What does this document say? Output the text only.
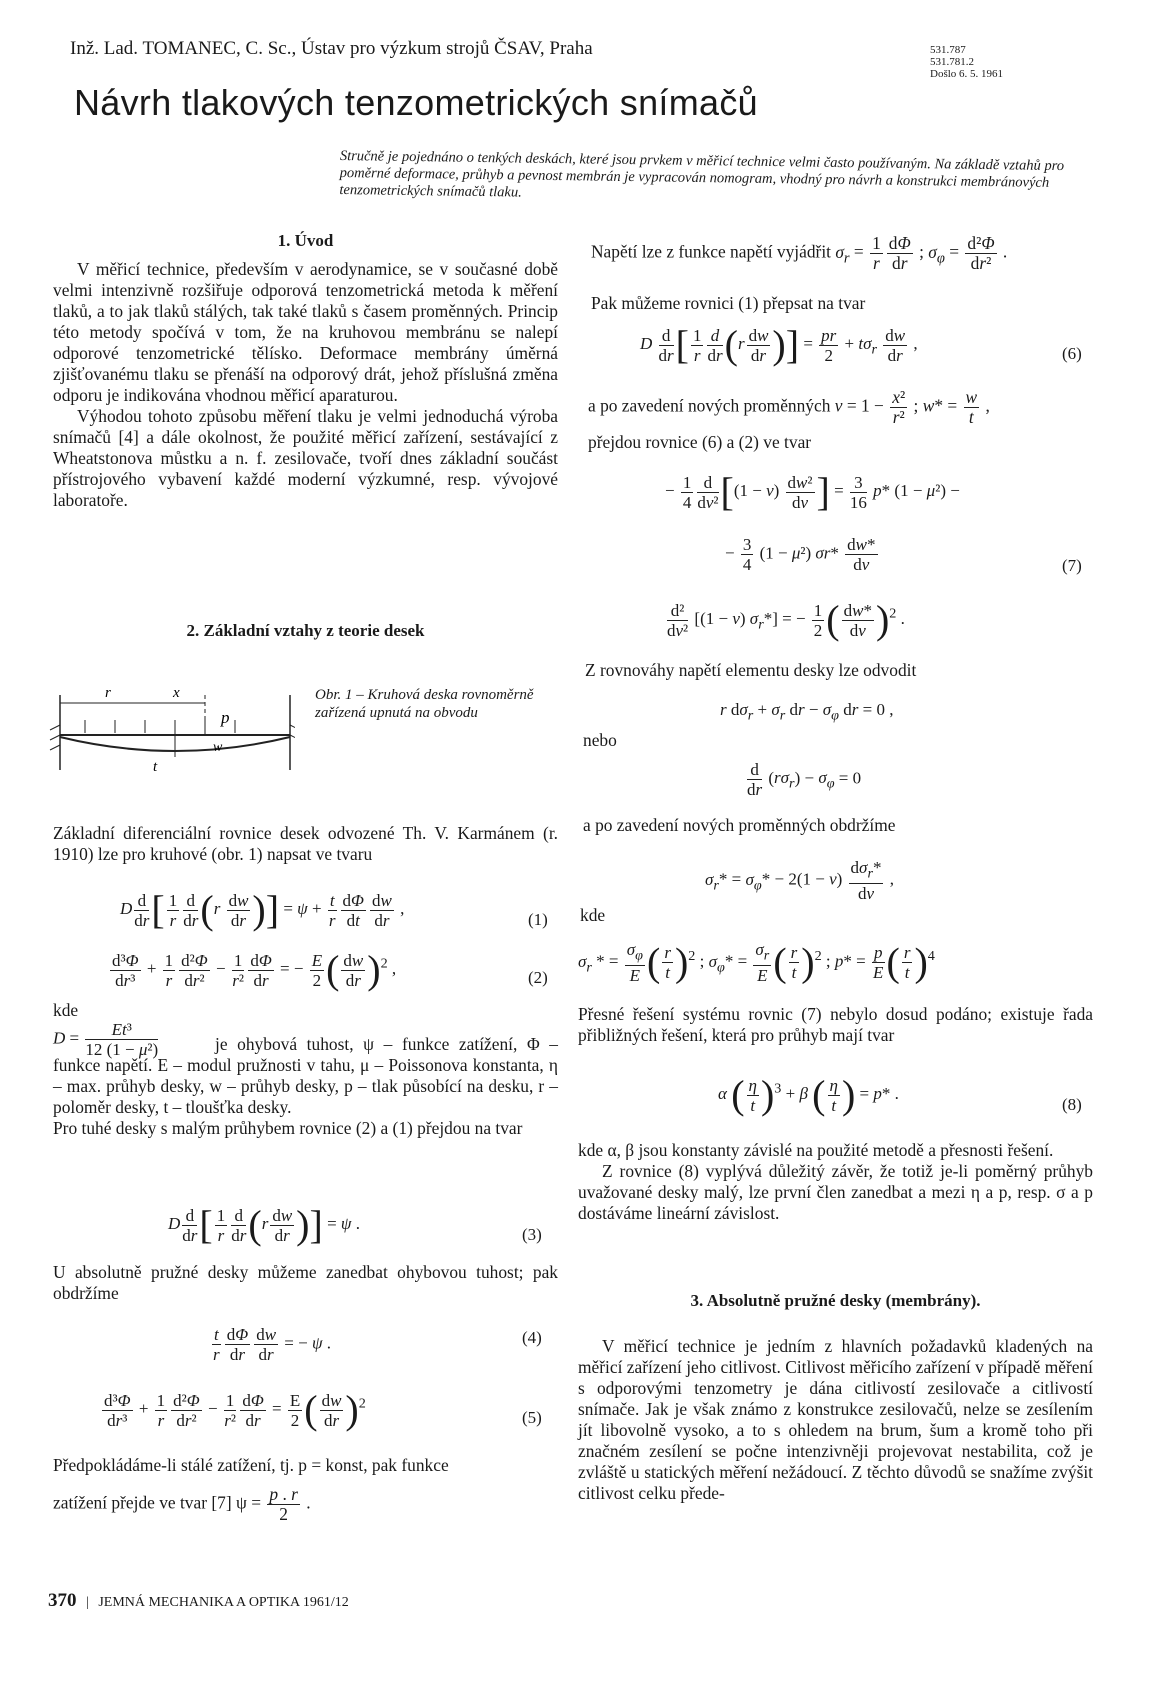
Inž. Lad. TOMANEC, C. Sc., Ústav pro výzkum strojů ČSAV, Praha	531.787
531.781.2
Došlo 6. 5. 1961
Návrh tlakových tenzometrických snímačů
Stručně je pojednáno o tenkých deskách, které jsou prvkem v měřicí technice velmi často používaným. Na základě vztahů pro poměrné deformace, průhyb a pevnost membrán je vypracován nomogram, vhodný pro návrh a konstrukci membránových tenzometrických snímačů tlaku.
1. Úvod

V měřicí technice, především v aerodynamice, se v současné době velmi intenzivně rozšiřuje odporová tenzometrická metoda k měření tlaků, a to jak tlaků stálých, tak také tlaků s časem proměnných. Princip této metody spočívá v tom, že na kruhovou membránu se nalepí odporové tenzometrické tělísko. Deformace membrány úměrná zjišťovanému tlaku se přenáší na odporový drát, jehož příslušná změna odporu je indikována vhodnou měřicí aparaturou.

Výhodou tohoto způsobu měření tlaku je velmi jednoduchá výroba snímačů [4] a dále okolnost, že použité měřicí zařízení, sestávající z Wheatstonova můstku a n. f. zesilovače, tvoří dnes základní součást přístrojového vybavení každé moderní výzkumné, resp. vývojové laboratoře.

2. Základní vztahy z teorie desek
r	x
p
w
t
Obr. 1 – Kruhová deska rovnoměrně zařízená upnutá na obvodu

Základní diferenciální rovnice desek odvozené Th. V. Karmánem (r. 1910) lze pro kruhové (obr. 1) napsat ve tvaru

D $\frac{d}{dr}$ [ $\frac{1}{r} \frac{d}{dr} (r \frac{dw}{dr}$ )] = $\psi + \frac{t}{r} \frac{d\Phi}{dt} \frac{dw}{dr}$ ,
(1)
$\frac{\text{d³Φ}}{\text{dr³}} + \frac{1}{r} \frac{\text{d²Φ}}{\text{dr²}} - \frac{1}{\text{r²}} \frac{d\Phi}{dr}$ = − $\frac{E}{2}$ ( $\frac{dw}{dr} )^2$ ,	(2)
kde
$D = \frac{\text{Et³}}{\text{12 (1 − μ²)}}$	je ohybová tuhost, ψ – funkce zatížení, Φ – funkce napětí. E – modul pružnosti v tahu, μ – Poissonova konstanta, η – max. průhyb desky, w – průhyb desky, p – tlak působící na desku, r – poloměr desky, t – tloušťka desky.

Pro tuhé desky s malým průhybem rovnice (2) a (1) přejdou na tvar

D $\frac{d}{dr}$ [ $\frac{1}{r} \frac{d}{dr} (r \frac{dw}{dr}$ )] = ψ .
(3)

U absolutně pružné desky můžeme zanedbat ohybovou tuhost; pak obdržíme

$\frac{t}{r} \frac{d\Phi}{dr} \frac{dw}{dr}$ = − ψ .	(4)
$\frac{\text{d³Φ}}{\text{dr³}} + \frac{1}{r} \frac{\text{d²Φ}}{\text{dr²}} - \frac{1}{\text{r²}} \frac{d\Phi}{dr} = \frac{E}{2}$ ( $\frac{dw}{dr} )^2$
(5)

Předpokládáme-li stálé zatížení, tj. p = konst, pak funkce

zatížení přejde ve tvar [7] $\psi = \frac{p . r}{2}$ .
Napětí lze z funkce napětí vyjádřit $\sigma_r = \frac{1}{r} \frac{d\Phi}{dr}$ ; $\sigma_\varphi = \frac{\text{d²Φ}}{\text{dr²}}$ .
Pak můžeme rovnici (1) přepsat na tvar
D $\frac{d}{dr}$ [ $\frac{1}{r} \frac{d}{dr} (r \frac{dw}{dr}$ )] = $\frac{pr}{2} + t\sigma_r \frac{dw}{dr}$ ,
(6)
a po zavedení nových proměnných $v = 1 - \frac{\text{x²}}{\text{r²}}$ ; $w* = \frac{w}{t}$ ,
přejdou rovnice (6) a (2) ve tvar
− $\frac{1}{4} \frac{d}{\text{dv²}} [(1 - v) \frac{\text{dw²}}{dv}$ ] = $\frac{3}{16} p*$ (1 − μ²) −
− $\frac{3}{4} (1 - \mu^2)$ $\sigma r* \frac{dw*}{dv}$	(7)
$\frac{\text{d²}}{\text{dv²}} [(1 - v) \sigma_r*]$ = − $\frac{1}{2}$ ( $\frac{dw*}{dv} )^2$ .
Z rovnováhy napětí elementu desky lze odvodit
r $d\sigma_r + \sigma_r$ dr − $\sigma_\varphi$ dr = 0 ,
nebo
$\frac{d}{dr} (r\sigma_r) - \sigma_\varphi = 0$
a po zavedení nových proměnných obdržíme
$\sigma_r* = \sigma_\varphi* - 2(1 - v) \frac{d\sigma_r*}{dv}$ ,
kde
$\sigma_r$ * = $\frac{\sigma_\varphi}{E}$ ( $\frac{r}{t} )^2$ ; $\sigma_\varphi* = \frac{\sigma_r}{E}$ ( $\frac{r}{t} )^2$ ; $p* = \frac{p}{E}$ ( $\frac{r}{t} )^4$

Přesné řešení systému rovnic (7) nebylo dosud podáno; existuje řada přibližných řešení, která pro průhyb mají tvar

α ( $\frac{\eta}{t} )^3 + \beta$ ( $\frac{\eta}{t}$ ) = p* .
(8)

kde α, β jsou konstanty závislé na použité metodě a přesnosti řešení.

Z rovnice (8) vyplývá důležitý závěr, že totiž je-li poměrný průhyb uvažované desky malý, lze první člen zanedbat a mezi η a p, resp. σ a p dostáváme lineární závislost.

3. Absolutně pružné desky (membrány).

V měřicí technice je jedním z hlavních požadavků kladených na měřicí zařízení jeho citlivost. Citlivost měřicího zařízení v případě měření s odporovými tenzometry je dána citlivostí zesilovače a citlivostí snímače. Jak je však známo z konstrukce zesilovačů, nelze se zesílením jít libovolně vysoko, a to s ohledem na brum, šum a kromě toho při značném zesílení se počne intenzivněji projevovat nestabilita, což je zvláště u statických měření nežádoucí. Z těchto důvodů se snažíme zvýšit citlivost celku přede-

370 | JEMNÁ MECHANIKA A OPTIKA 1961/12
